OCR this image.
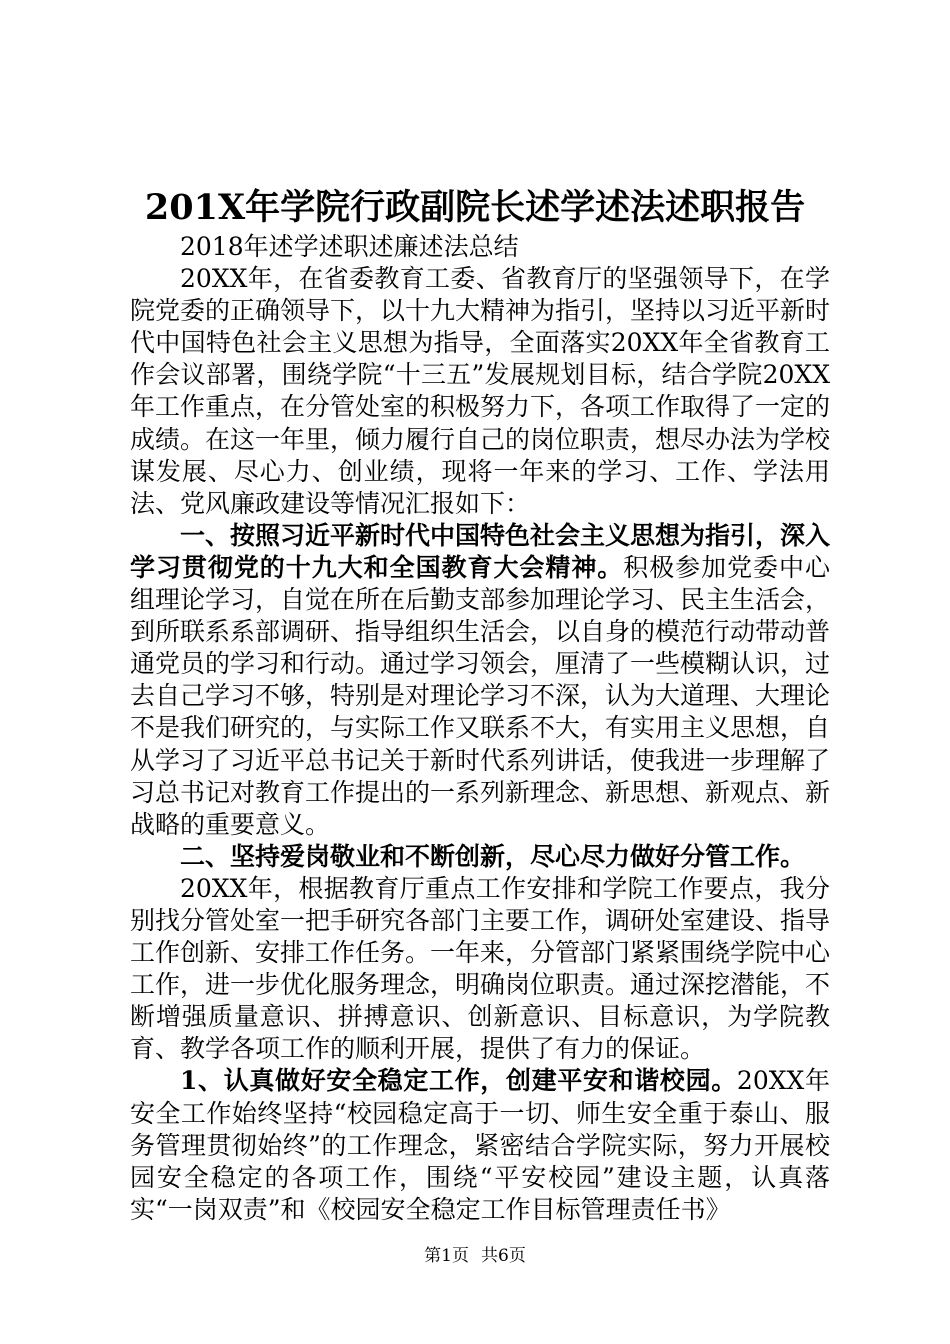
201X年学院行政副院长述学述法述职报告

2018年述学述职述廉述法总结

20XX年，在省委教育工委、省教育厅的坚强领导下，在学院党委的正确领导下，以十九大精神为指引，坚持以习近平新时代中国特色社会主义思想为指导，全面落实20XX年全省教育工作会议部署，围绕学院“十三五”发展规划目标，结合学院20XX年工作重点，在分管处室的积极努力下，各项工作取得了一定的成绩。在这一年里，倾力履行自己的岗位职责，想尽办法为学校谋发展、尽心力、创业绩，现将一年来的学习、工作、学法用法、党风廉政建设等情况汇报如下：

一、按照习近平新时代中国特色社会主义思想为指引，深入学习贯彻党的十九大和全国教育大会精神。积极参加党委中心组理论学习，自觉在所在后勤支部参加理论学习、民主生活会，到所联系系部调研、指导组织生活会，以自身的模范行动带动普通党员的学习和行动。通过学习领会，厘清了一些模糊认识，过去自己学习不够，特别是对理论学习不深，认为大道理、大理论不是我们研究的，与实际工作又联系不大，有实用主义思想，自从学习了习近平总书记关于新时代系列讲话，使我进一步理解了习总书记对教育工作提出的一系列新理念、新思想、新观点、新战略的重要意义。

二、坚持爱岗敬业和不断创新，尽心尽力做好分管工作。

20XX年，根据教育厅重点工作安排和学院工作要点，我分别找分管处室一把手研究各部门主要工作，调研处室建设、指导工作创新、安排工作任务。一年来，分管部门紧紧围绕学院中心工作，进一步优化服务理念，明确岗位职责。通过深挖潜能，不断增强质量意识、拼搏意识、创新意识、目标意识，为学院教育、教学各项工作的顺利开展，提供了有力的保证。

1、认真做好安全稳定工作，创建平安和谐校园。20XX年安全工作始终坚持“校园稳定高于一切、师生安全重于泰山、服务管理贯彻始终”的工作理念，紧密结合学院实际，努力开展校园安全稳定的各项工作，围绕“平安校园”建设主题，认真落实“一岗双责”和《校园安全稳定工作目标管理责任书》

第1页 共6页
